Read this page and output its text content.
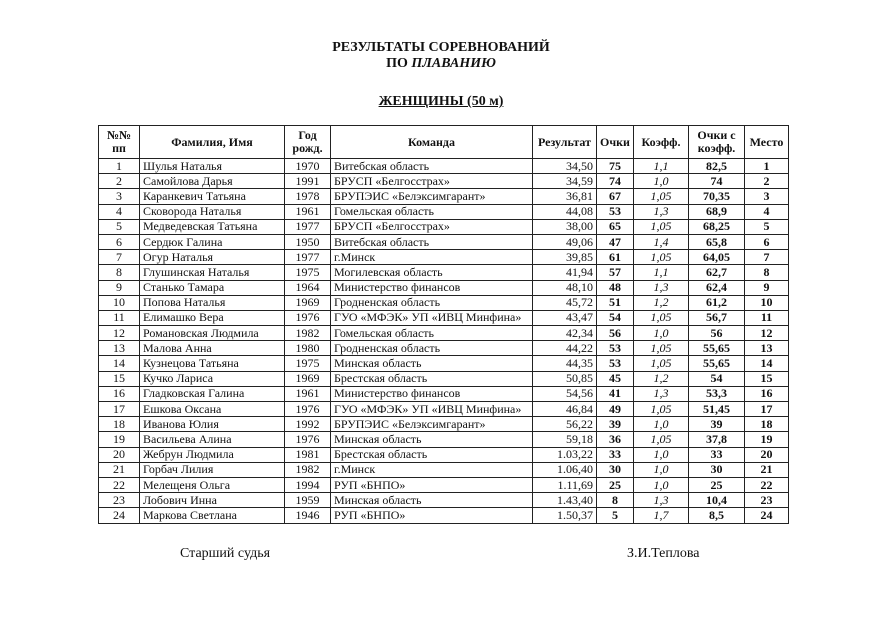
РЕЗУЛЬТАТЫ СОРЕВНОВАНИЙ
ПО ПЛАВАНИЮ
ЖЕНЩИНЫ (50 м)
№№ пп	Фамилия, Имя	Год рожд.	Команда	Результат	Очки	Коэфф.	Очки с коэфф.	Место
1	Шулья Наталья	1970	Витебская область	34,50	75	1,1	82,5	1
2	Самойлова Дарья	1991	БРУСП «Белгосстрах»	34,59	74	1,0	74	2
3	Каранкевич Татьяна	1978	БРУПЭИС «Белэксимгарант»	36,81	67	1,05	70,35	3
4	Сковорода Наталья	1961	Гомельская область	44,08	53	1,3	68,9	4
5	Медведевская Татьяна	1977	БРУСП «Белгосстрах»	38,00	65	1,05	68,25	5
6	Сердюк Галина	1950	Витебская область	49,06	47	1,4	65,8	6
7	Огур Наталья	1977	г.Минск	39,85	61	1,05	64,05	7
8	Глушинская Наталья	1975	Могилевская область	41,94	57	1,1	62,7	8
9	Станько Тамара	1964	Министерство финансов	48,10	48	1,3	62,4	9
10	Попова Наталья	1969	Гродненская область	45,72	51	1,2	61,2	10
11	Елимашко Вера	1976	ГУО «МФЭК» УП «ИВЦ Минфина»	43,47	54	1,05	56,7	11
12	Романовская Людмила	1982	Гомельская область	42,34	56	1,0	56	12
13	Малова Анна	1980	Гродненская область	44,22	53	1,05	55,65	13
14	Кузнецова Татьяна	1975	Минская область	44,35	53	1,05	55,65	14
15	Кучко Лариса	1969	Брестская область	50,85	45	1,2	54	15
16	Гладковская Галина	1961	Министерство финансов	54,56	41	1,3	53,3	16
17	Ешкова Оксана	1976	ГУО «МФЭК» УП «ИВЦ Минфина»	46,84	49	1,05	51,45	17
18	Иванова Юлия	1992	БРУПЭИС «Белэксимгарант»	56,22	39	1,0	39	18
19	Васильева Алина	1976	Минская область	59,18	36	1,05	37,8	19
20	Жебрун Людмила	1981	Брестская область	1.03,22	33	1,0	33	20
21	Горбач Лилия	1982	г.Минск	1.06,40	30	1,0	30	21
22	Мелещеня Ольга	1994	РУП «БНПО»	1.11,69	25	1,0	25	22
23	Лобович Инна	1959	Минская область	1.43,40	8	1,3	10,4	23
24	Маркова Светлана	1946	РУП «БНПО»	1.50,37	5	1,7	8,5	24
Старший судья	З.И.Теплова
